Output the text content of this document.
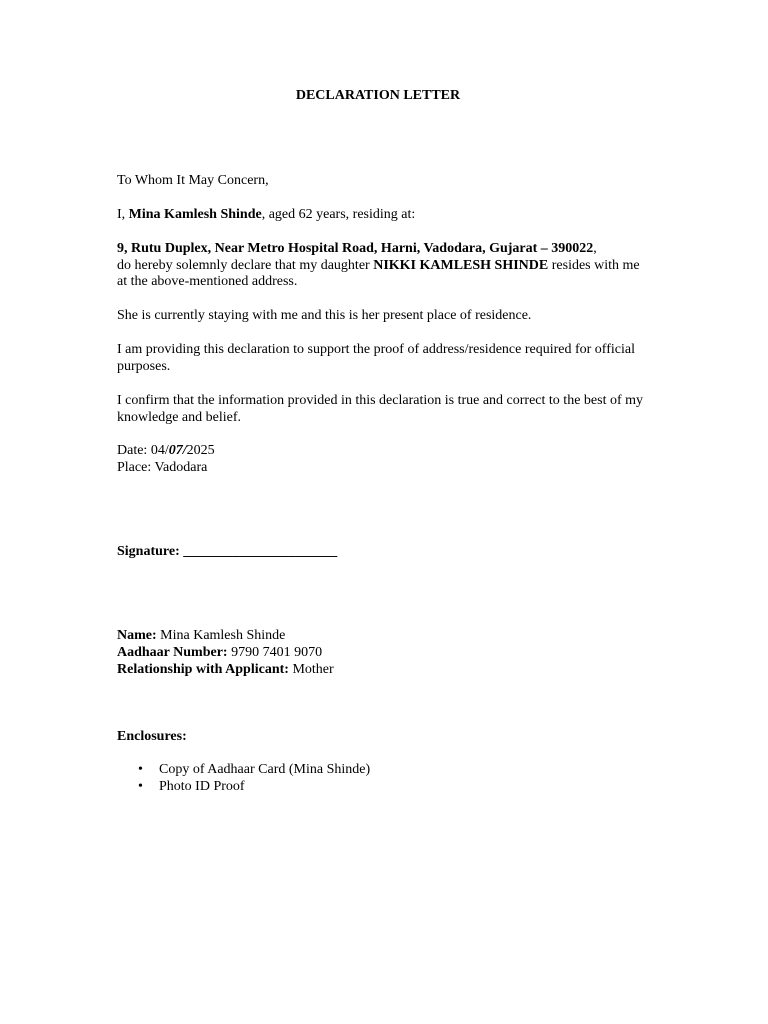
DECLARATION LETTER
To Whom It May Concern,
I, Mina Kamlesh Shinde, aged 62 years, residing at:
9, Rutu Duplex, Near Metro Hospital Road, Harni, Vadodara, Gujarat – 390022,
do hereby solemnly declare that my daughter NIKKI KAMLESH SHINDE resides with me
at the above-mentioned address.
She is currently staying with me and this is her present place of residence.
I am providing this declaration to support the proof of address/residence required for official
purposes.
I confirm that the information provided in this declaration is true and correct to the best of my
knowledge and belief.
Date: 04/07/2025
Place: Vadodara
Signature: ______________________
Name: Mina Kamlesh Shinde
Aadhaar Number: 9790 7401 9070
Relationship with Applicant: Mother
Enclosures:
• Copy of Aadhaar Card (Mina Shinde)
• Photo ID Proof
